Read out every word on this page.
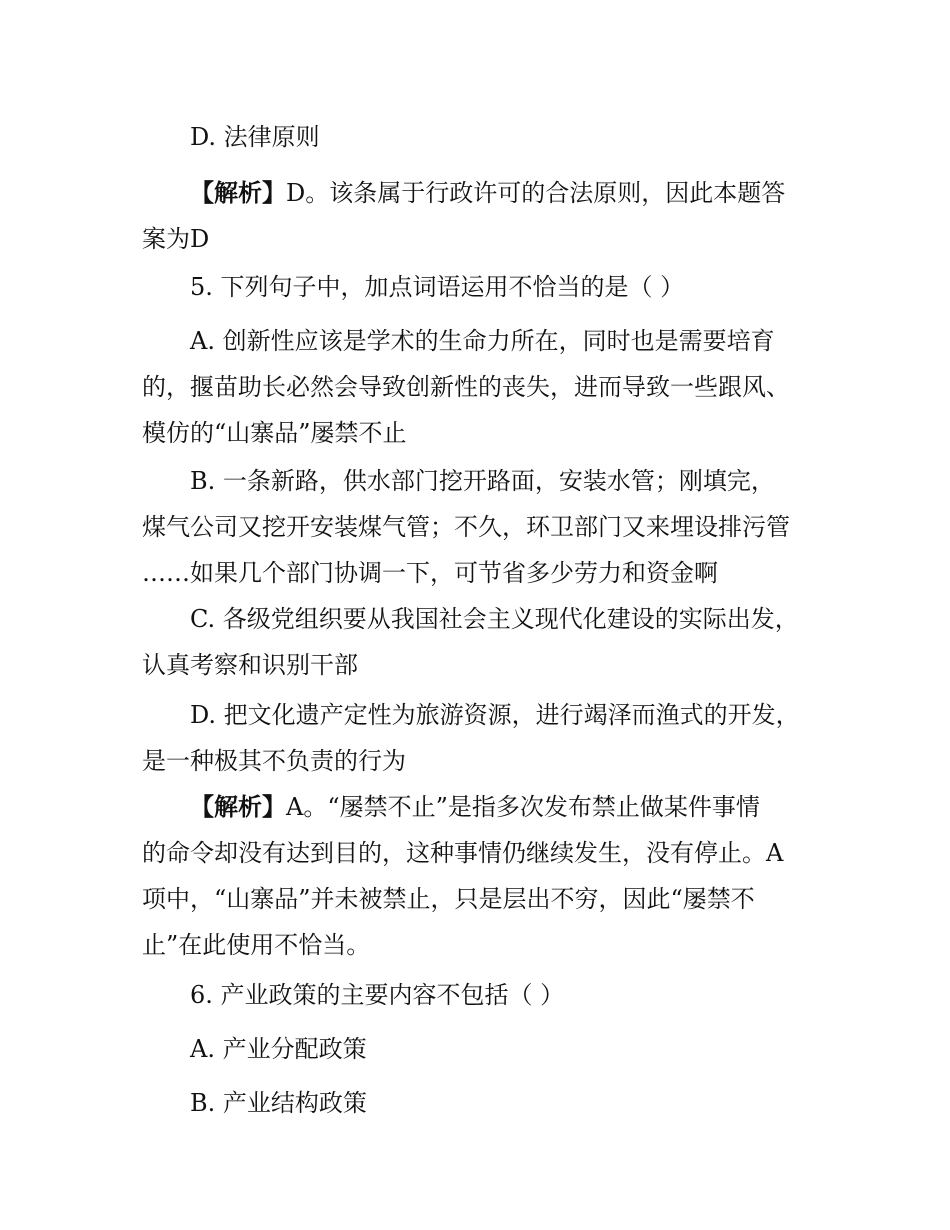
D. 法律原则
【解析】D。该条属于行政许可的合法原则，因此本题答
案为D
5. 下列句子中，加点词语运用不恰当的是（ ）
A. 创新性应该是学术的生命力所在，同时也是需要培育
的，揠苗助长必然会导致创新性的丧失，进而导致一些跟风、
模仿的“山寨品”屡禁不止
B. 一条新路，供水部门挖开路面，安装水管；刚填完，
煤气公司又挖开安装煤气管；不久，环卫部门又来埋设排污管
……如果几个部门协调一下，可节省多少劳力和资金啊
C. 各级党组织要从我国社会主义现代化建设的实际出发，
认真考察和识别干部
D. 把文化遗产定性为旅游资源，进行竭泽而渔式的开发，
是一种极其不负责的行为
【解析】A。“屡禁不止”是指多次发布禁止做某件事情
的命令却没有达到目的，这种事情仍继续发生，没有停止。A
项中，“山寨品”并未被禁止，只是层出不穷，因此“屡禁不
止”在此使用不恰当。
6. 产业政策的主要内容不包括（ ）
A. 产业分配政策
B. 产业结构政策
